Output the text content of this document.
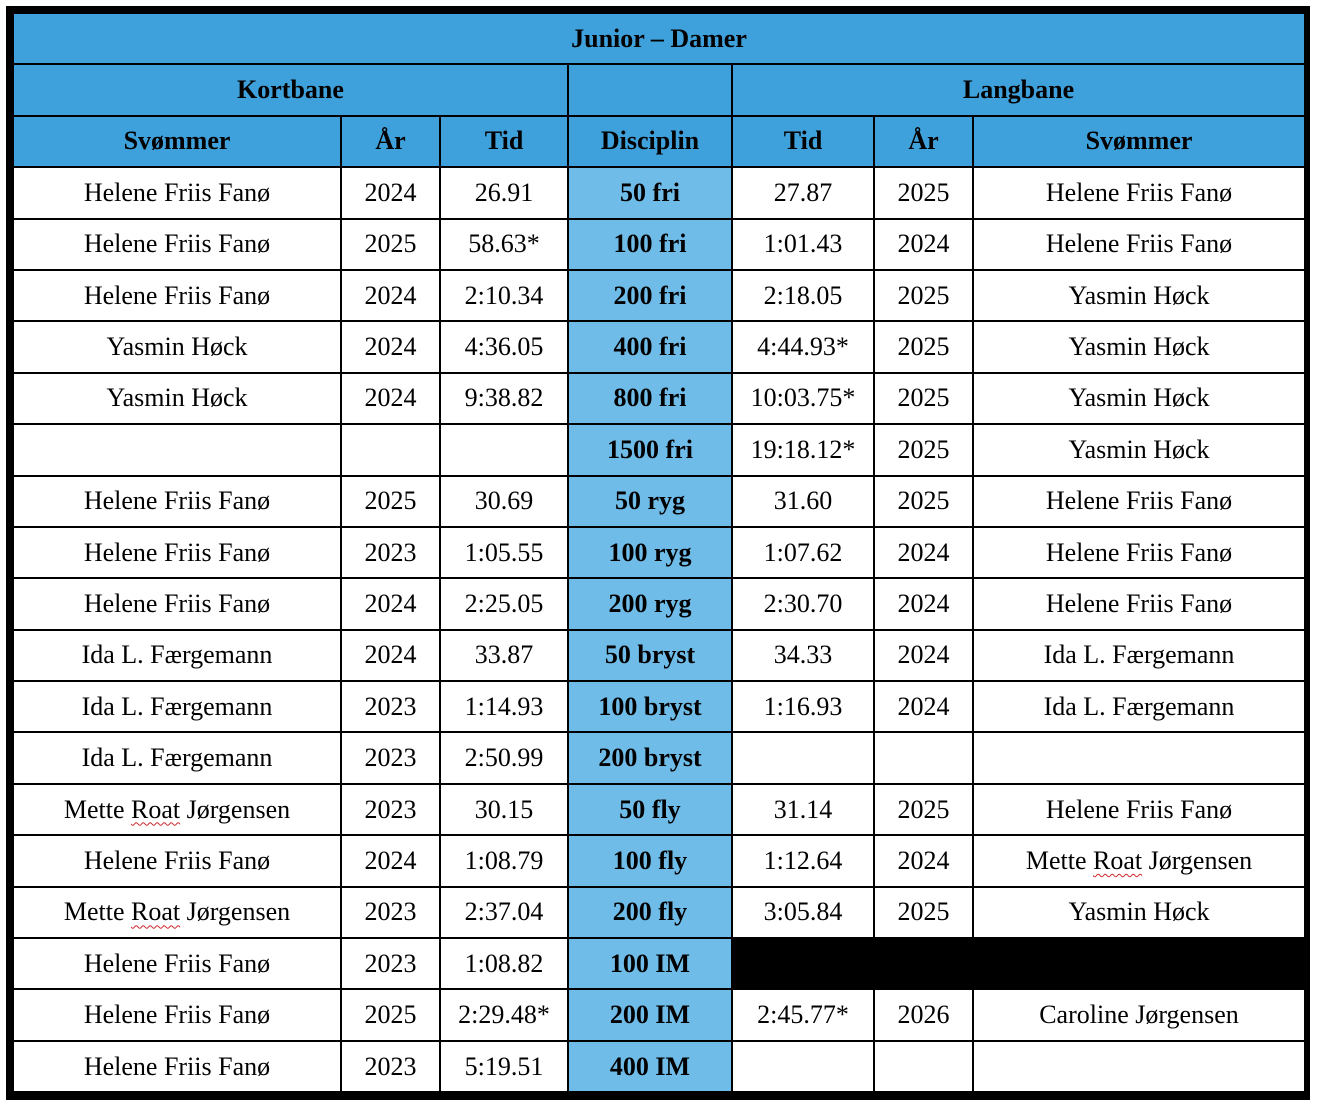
Junior – Damer						
Kortbane				Langbane		
Svømmer	År	Tid	Disciplin	Tid	År	Svømmer
Helene Friis Fanø	2024	26.91	50 fri	27.87	2025	Helene Friis Fanø
Helene Friis Fanø	2025	58.63*	100 fri	1:01.43	2024	Helene Friis Fanø
Helene Friis Fanø	2024	2:10.34	200 fri	2:18.05	2025	Yasmin Høck
Yasmin Høck	2024	4:36.05	400 fri	4:44.93*	2025	Yasmin Høck
Yasmin Høck	2024	9:38.82	800 fri	10:03.75*	2025	Yasmin Høck
			1500 fri	19:18.12*	2025	Yasmin Høck
Helene Friis Fanø	2025	30.69	50 ryg	31.60	2025	Helene Friis Fanø
Helene Friis Fanø	2023	1:05.55	100 ryg	1:07.62	2024	Helene Friis Fanø
Helene Friis Fanø	2024	2:25.05	200 ryg	2:30.70	2024	Helene Friis Fanø
Ida L. Færgemann	2024	33.87	50 bryst	34.33	2024	Ida L. Færgemann
Ida L. Færgemann	2023	1:14.93	100 bryst	1:16.93	2024	Ida L. Færgemann
Ida L. Færgemann	2023	2:50.99	200 bryst			
Mette Roat Jørgensen	2023	30.15	50 fly	31.14	2025	Helene Friis Fanø
Helene Friis Fanø	2024	1:08.79	100 fly	1:12.64	2024	Mette Roat Jørgensen
Mette Roat Jørgensen	2023	2:37.04	200 fly	3:05.84	2025	Yasmin Høck
Helene Friis Fanø	2023	1:08.82	100 IM			
Helene Friis Fanø	2025	2:29.48*	200 IM	2:45.77*	2026	Caroline Jørgensen
Helene Friis Fanø	2023	5:19.51	400 IM			
